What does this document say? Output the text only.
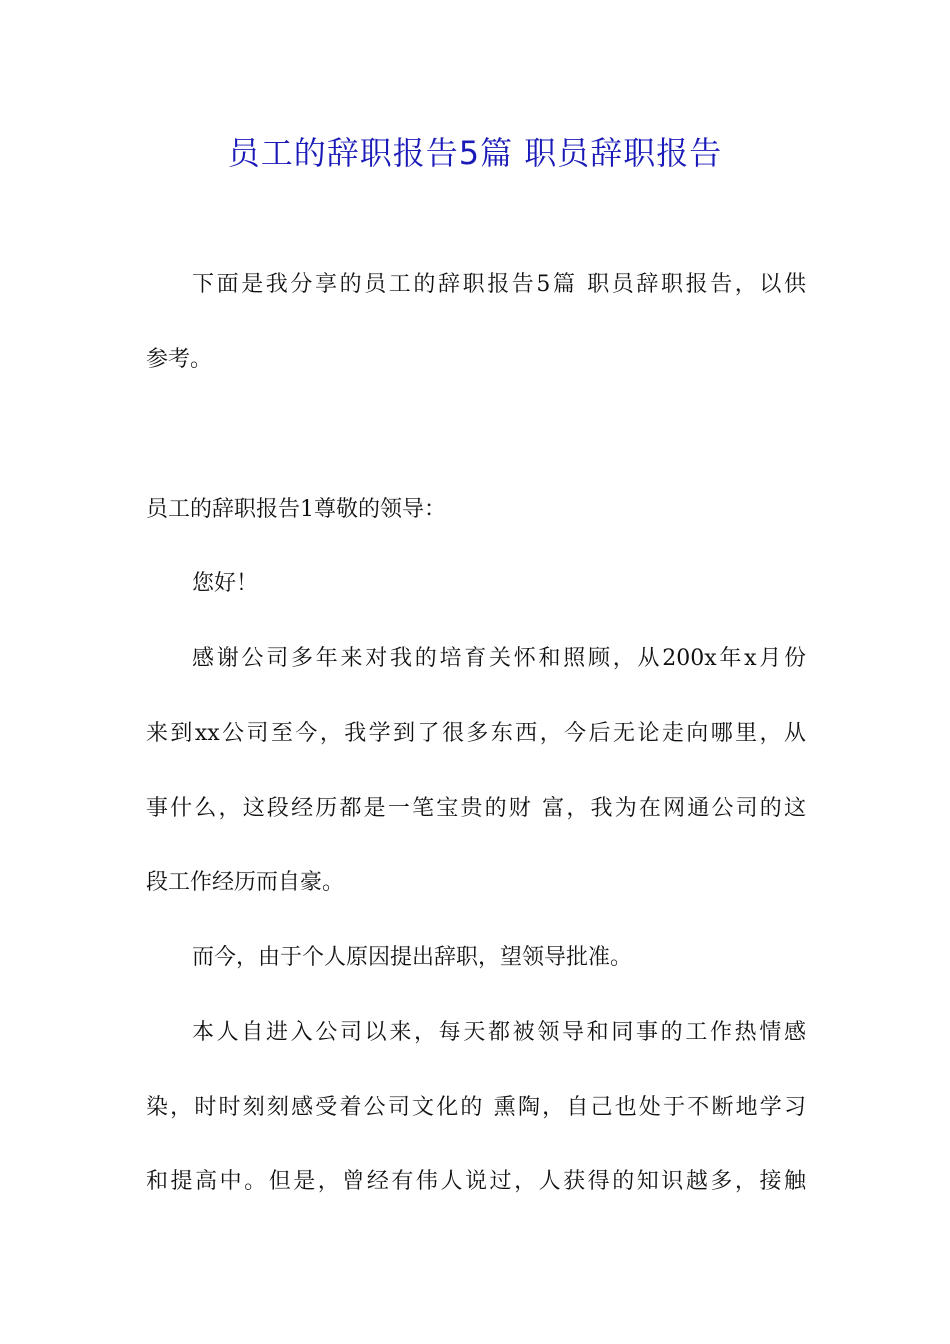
员工的辞职报告5篇 职员辞职报告
下面是我分享的员工的辞职报告5篇 职员辞职报告，以供
参考。
员工的辞职报告1尊敬的领导：
您好！
感谢公司多年来对我的培育关怀和照顾，从200x年x月份
来到xx公司至今，我学到了很多东西，今后无论走向哪里，从
事什么，这段经历都是一笔宝贵的财 富，我为在网通公司的这
段工作经历而自豪。
而今，由于个人原因提出辞职，望领导批准。
本人自进入公司以来，每天都被领导和同事的工作热情感
染，时时刻刻感受着公司文化的 熏陶，自己也处于不断地学习
和提高中。但是，曾经有伟人说过，人获得的知识越多，接触
